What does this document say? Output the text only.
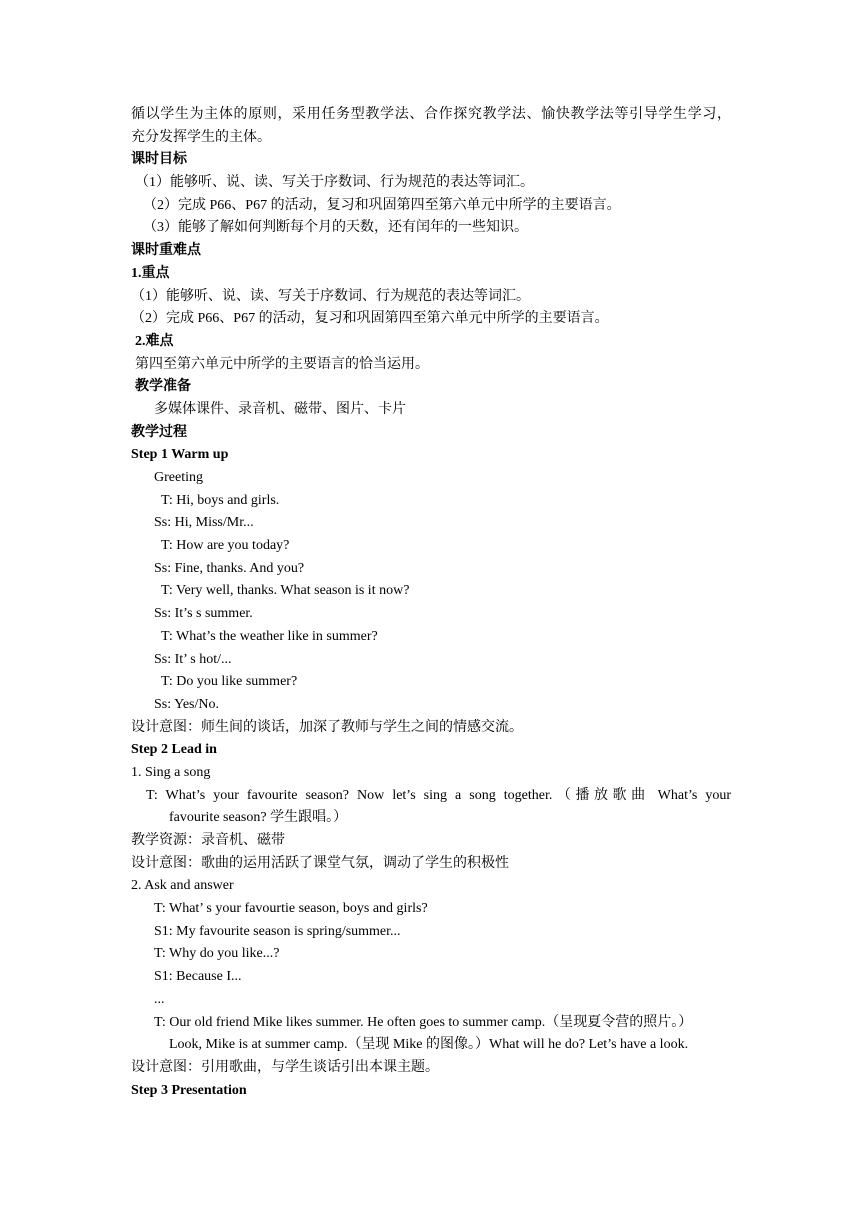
循以学生为主体的原则，采用任务型教学法、合作探究教学法、愉快教学法等引导学生学习，

充分发挥学生的主体。

课时目标

（1）能够听、说、读、写关于序数词、行为规范的表达等词汇。

（2）完成 P66、P67 的活动，复习和巩固第四至第六单元中所学的主要语言。

（3）能够了解如何判断每个月的天数，还有闰年的一些知识。

课时重难点

1.重点

（1）能够听、说、读、写关于序数词、行为规范的表达等词汇。

（2）完成 P66、P67 的活动，复习和巩固第四至第六单元中所学的主要语言。

2.难点

第四至第六单元中所学的主要语言的恰当运用。

教学准备

多媒体课件、录音机、磁带、图片、卡片

教学过程

Step 1 Warm up

Greeting

T: Hi, boys and girls.

Ss: Hi, Miss/Mr...

T: How are you today?

Ss: Fine, thanks. And you?

T: Very well, thanks. What season is it now?

Ss: It’s s summer.

T: What’s the weather like in summer?

Ss: It’ s hot/...

T: Do you like summer?

Ss: Yes/No.

设计意图：师生间的谈话，加深了教师与学生之间的情感交流。

Step 2 Lead in

1. Sing a song

T: What’s your favourite season? Now let’s sing a song together.（播放歌曲 What’s your

favourite season? 学生跟唱。）

教学资源：录音机、磁带

设计意图：歌曲的运用活跃了课堂气氛，调动了学生的积极性

2. Ask and answer

T: What’ s your favourtie season, boys and girls?

S1: My favourite season is spring/summer...

T: Why do you like...?

S1: Because I...

...

T: Our old friend Mike likes summer. He often goes to summer camp.（呈现夏令营的照片。）

Look, Mike is at summer camp.（呈现 Mike 的图像。）What will he do? Let’s have a look.

设计意图：引用歌曲，与学生谈话引出本课主题。

Step 3 Presentation
